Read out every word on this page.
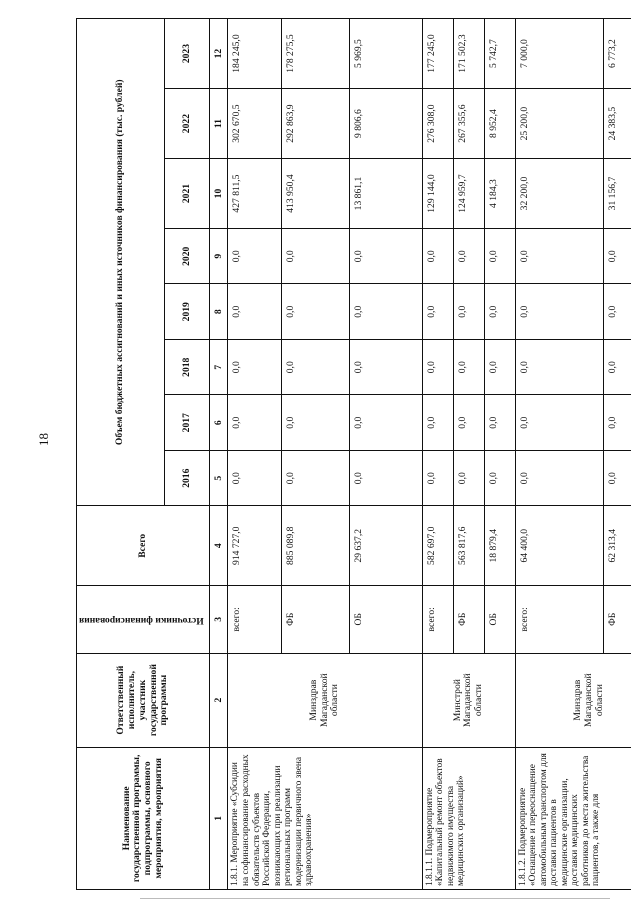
18
Наименование государственной программы, подпрограммы, основного мероприятия, мероприятия	Ответственный исполнитель, участник государственной программы	Источники финансирования	Всего	Объем бюджетных ассигнований и иных источников финансирования (тыс. рублей)							
				2016	2017	2018	2019	2020	2021	2022	2023
1	2	3	4	5	6	7	8	9	10	11	12
1.8.1. Мероприятие «Субсидии на софинансирование расходных обязательств субъектов Российской Федерации, возникающих при реализации региональных программ модернизации первичного звена здравоохранения»	Минздрав Магаданской области	всего:	914 727,0	0,0	0,0	0,0	0,0	0,0	427 811,5	302 670,5	184 245,0
		ФБ	885 089,8	0,0	0,0	0,0	0,0	0,0	413 950,4	292 863,9	178 275,5
		ОБ	29 637,2	0,0	0,0	0,0	0,0	0,0	13 861,1	9 806,6	5 969,5
1.8.1.1. Подмероприятие «Капитальный ремонт объектов недвижимого имущества медицинских организаций»	Минстрой Магаданской области	всего:	582 697,0	0,0	0,0	0,0	0,0	0,0	129 144,0	276 308,0	177 245,0
		ФБ	563 817,6	0,0	0,0	0,0	0,0	0,0	124 959,7	267 355,6	171 502,3
		ОБ	18 879,4	0,0	0,0	0,0	0,0	0,0	4 184,3	8 952,4	5 742,7
1.8.1.2. Подмероприятие «Оснащение и переоснащение автомобильным транспортом для доставки пациентов в медицинские организации, доставки медицинских работников до места жительства пациентов, а также для	Минздрав Магаданской области	всего:	64 400,0	0,0	0,0	0,0	0,0	0,0	32 200,0	25 200,0	7 000,0
		ФБ	62 313,4	0,0	0,0	0,0	0,0	0,0	31 156,7	24 383,5	6 773,2
